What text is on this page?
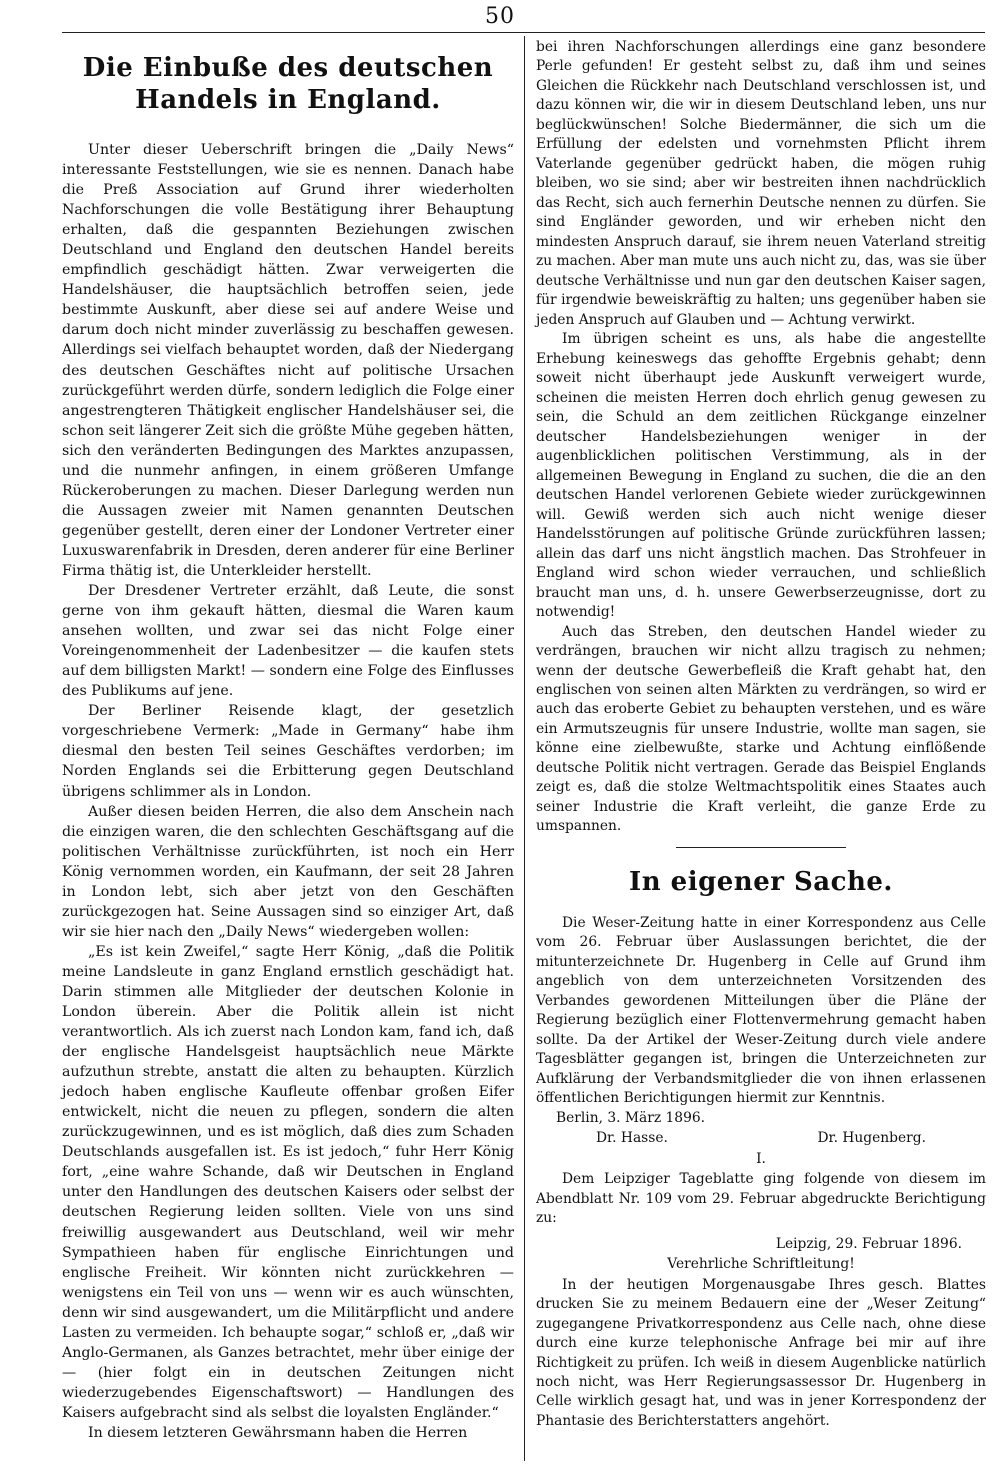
50
Die Einbuße des deutschen Handels in England.

Unter dieser Ueberschrift bringen die „Daily News“ interessante Feststellungen, wie sie es nennen. Danach habe die Preß Association auf Grund ihrer wiederholten Nachforschungen die volle Bestätigung ihrer Behauptung erhalten, daß die gespannten Beziehungen zwischen Deutschland und England den deutschen Handel bereits empfindlich geschädigt hätten. Zwar verweigerten die Handelshäuser, die hauptsächlich betroffen seien, jede bestimmte Auskunft, aber diese sei auf andere Weise und darum doch nicht minder zuverlässig zu beschaffen gewesen. Allerdings sei vielfach behauptet worden, daß der Niedergang des deutschen Geschäftes nicht auf politische Ursachen zurückgeführt werden dürfe, sondern lediglich die Folge einer angestrengteren Thätigkeit englischer Handelshäuser sei, die schon seit längerer Zeit sich die größte Mühe gegeben hätten, sich den veränderten Bedingungen des Marktes anzupassen, und die nunmehr anfingen, in einem größeren Umfange Rückeroberungen zu machen. Dieser Darlegung werden nun die Aussagen zweier mit Namen genannten Deutschen gegenüber gestellt, deren einer der Londoner Vertreter einer Luxuswarenfabrik in Dresden, deren anderer für eine Berliner Firma thätig ist, die Unterkleider herstellt.

Der Dresdener Vertreter erzählt, daß Leute, die sonst gerne von ihm gekauft hätten, diesmal die Waren kaum ansehen wollten, und zwar sei das nicht Folge einer Voreingenommenheit der Ladenbesitzer — die kaufen stets auf dem billigsten Markt! — sondern eine Folge des Einflusses des Publikums auf jene.

Der Berliner Reisende klagt, der gesetzlich vorgeschriebene Vermerk: „Made in Germany“ habe ihm diesmal den besten Teil seines Geschäftes verdorben; im Norden Englands sei die Erbitterung gegen Deutschland übrigens schlimmer als in London.

Außer diesen beiden Herren, die also dem Anschein nach die einzigen waren, die den schlechten Geschäftsgang auf die politischen Verhältnisse zurückführten, ist noch ein Herr König vernommen worden, ein Kaufmann, der seit 28 Jahren in London lebt, sich aber jetzt von den Geschäften zurückgezogen hat. Seine Aussagen sind so einziger Art, daß wir sie hier nach den „Daily News“ wiedergeben wollen:

„Es ist kein Zweifel,“ sagte Herr König, „daß die Politik meine Landsleute in ganz England ernstlich geschädigt hat. Darin stimmen alle Mitglieder der deutschen Kolonie in London überein. Aber die Politik allein ist nicht verantwortlich. Als ich zuerst nach London kam, fand ich, daß der englische Handelsgeist hauptsächlich neue Märkte aufzuthun strebte, anstatt die alten zu behaupten. Kürzlich jedoch haben englische Kaufleute offenbar großen Eifer entwickelt, nicht die neuen zu pflegen, sondern die alten zurückzugewinnen, und es ist möglich, daß dies zum Schaden Deutschlands ausgefallen ist. Es ist jedoch,“ fuhr Herr König fort, „eine wahre Schande, daß wir Deutschen in England unter den Handlungen des deutschen Kaisers oder selbst der deutschen Regierung leiden sollten. Viele von uns sind freiwillig ausgewandert aus Deutschland, weil wir mehr Sympathieen haben für englische Einrichtungen und englische Freiheit. Wir könnten nicht zurückkehren — wenigstens ein Teil von uns — wenn wir es auch wünschten, denn wir sind ausgewandert, um die Militärpflicht und andere Lasten zu vermeiden. Ich behaupte sogar,“ schloß er, „daß wir Anglo-Germanen, als Ganzes betrachtet, mehr über einige der — (hier folgt ein in deutschen Zeitungen nicht wiederzugebendes Eigenschaftswort) — Handlungen des Kaisers aufgebracht sind als selbst die loyalsten Engländer.“

In diesem letzteren Gewährsmann haben die Herren

bei ihren Nachforschungen allerdings eine ganz besondere Perle gefunden! Er gesteht selbst zu, daß ihm und seines Gleichen die Rückkehr nach Deutschland verschlossen ist, und dazu können wir, die wir in diesem Deutschland leben, uns nur beglückwünschen! Solche Biedermänner, die sich um die Erfüllung der edelsten und vornehmsten Pflicht ihrem Vaterlande gegenüber gedrückt haben, die mögen ruhig bleiben, wo sie sind; aber wir bestreiten ihnen nachdrücklich das Recht, sich auch fernerhin Deutsche nennen zu dürfen. Sie sind Engländer geworden, und wir erheben nicht den mindesten Anspruch darauf, sie ihrem neuen Vaterland streitig zu machen. Aber man mute uns auch nicht zu, das, was sie über deutsche Verhältnisse und nun gar den deutschen Kaiser sagen, für irgendwie beweiskräftig zu halten; uns gegenüber haben sie jeden Anspruch auf Glauben und — Achtung verwirkt.

Im übrigen scheint es uns, als habe die angestellte Erhebung keineswegs das gehoffte Ergebnis gehabt; denn soweit nicht überhaupt jede Auskunft verweigert wurde, scheinen die meisten Herren doch ehrlich genug gewesen zu sein, die Schuld an dem zeitlichen Rückgange einzelner deutscher Handelsbeziehungen weniger in der augenblicklichen politischen Verstimmung, als in der allgemeinen Bewegung in England zu suchen, die die an den deutschen Handel verlorenen Gebiete wieder zurückgewinnen will. Gewiß werden sich auch nicht wenige dieser Handelsstörungen auf politische Gründe zurückführen lassen; allein das darf uns nicht ängstlich machen. Das Strohfeuer in England wird schon wieder verrauchen, und schließlich braucht man uns, d. h. unsere Gewerbserzeugnisse, dort zu notwendig!

Auch das Streben, den deutschen Handel wieder zu verdrängen, brauchen wir nicht allzu tragisch zu nehmen; wenn der deutsche Gewerbefleiß die Kraft gehabt hat, den englischen von seinen alten Märkten zu verdrängen, so wird er auch das eroberte Gebiet zu behaupten verstehen, und es wäre ein Armutszeugnis für unsere Industrie, wollte man sagen, sie könne eine zielbewußte, starke und Achtung einflößende deutsche Politik nicht vertragen. Gerade das Beispiel Englands zeigt es, daß die stolze Weltmachtspolitik eines Staates auch seiner Industrie die Kraft verleiht, die ganze Erde zu umspannen.

In eigener Sache.

Die Weser-Zeitung hatte in einer Korrespondenz aus Celle vom 26. Februar über Auslassungen berichtet, die der mitunterzeichnete Dr. Hugenberg in Celle auf Grund ihm angeblich von dem unterzeichneten Vorsitzenden des Verbandes gewordenen Mitteilungen über die Pläne der Regierung bezüglich einer Flottenvermehrung gemacht haben sollte. Da der Artikel der Weser-Zeitung durch viele andere Tagesblätter gegangen ist, bringen die Unterzeichneten zur Aufklärung der Verbandsmitglieder die von ihnen erlassenen öffentlichen Berichtigungen hiermit zur Kenntnis.

Berlin, 3. März 1896.

Dr. Hasse.	Dr. Hugenberg.
I.

Dem Leipziger Tageblatte ging folgende von diesem im Abendblatt Nr. 109 vom 29. Februar abgedruckte Berichtigung zu:

Leipzig, 29. Februar 1896.
Verehrliche Schriftleitung!

In der heutigen Morgenausgabe Ihres gesch. Blattes drucken Sie zu meinem Bedauern eine der „Weser Zeitung“ zugegangene Privatkorrespondenz aus Celle nach, ohne diese durch eine kurze telephonische Anfrage bei mir auf ihre Richtigkeit zu prüfen. Ich weiß in diesem Augenblicke natürlich noch nicht, was Herr Regierungsassessor Dr. Hugenberg in Celle wirklich gesagt hat, und was in jener Korrespondenz der Phantasie des Berichterstatters angehört.
